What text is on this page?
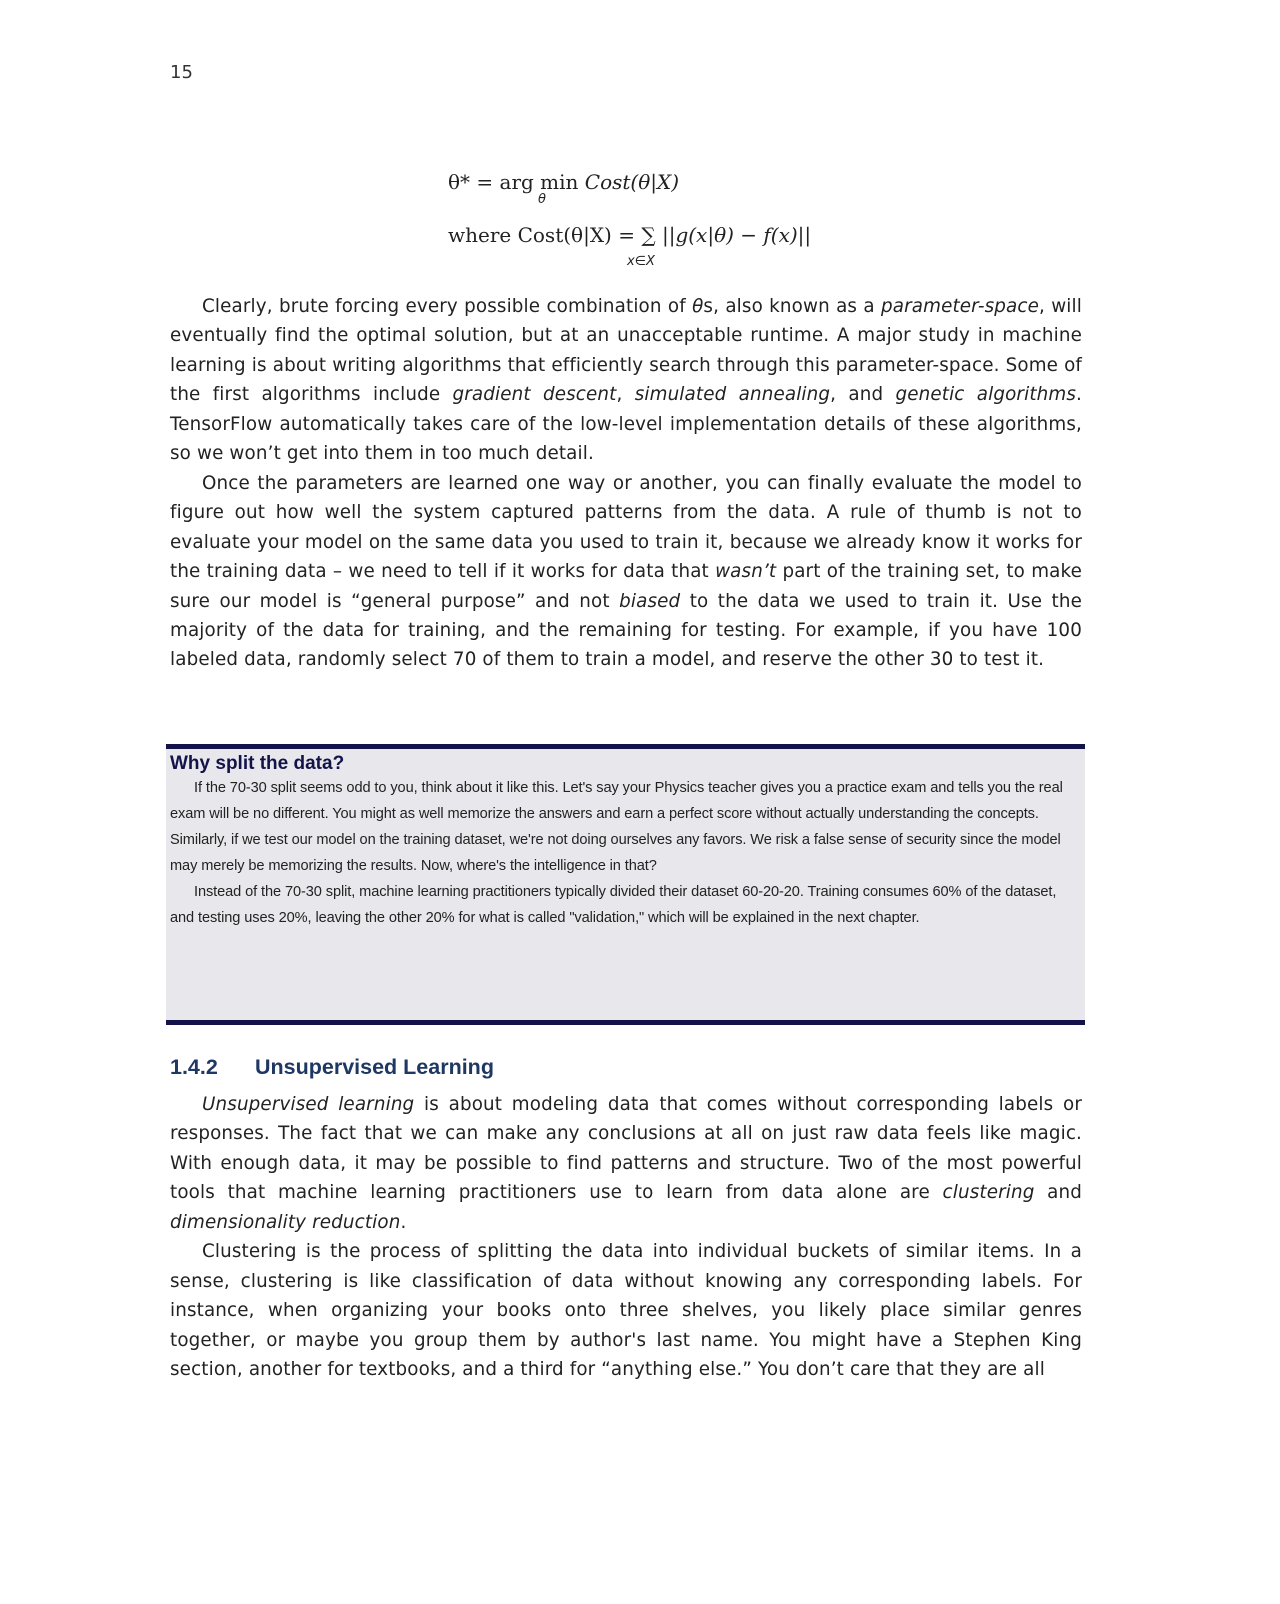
15
θ* = arg min Cost(θ|X)
θ
where Cost(θ|X) = ∑ ||g(x|θ) − f(x)||
x∈X

Clearly, brute forcing every possible combination of θs, also known as a parameter-space, will eventually find the optimal solution, but at an unacceptable runtime. A major study in machine learning is about writing algorithms that efficiently search through this parameter-space. Some of the first algorithms include gradient descent, simulated annealing, and genetic algorithms. TensorFlow automatically takes care of the low-level implementation details of these algorithms, so we won’t get into them in too much detail.

Once the parameters are learned one way or another, you can finally evaluate the model to figure out how well the system captured patterns from the data. A rule of thumb is not to evaluate your model on the same data you used to train it, because we already know it works for the training data – we need to tell if it works for data that wasn’t part of the training set, to make sure our model is “general purpose” and not biased to the data we used to train it. Use the majority of the data for training, and the remaining for testing. For example, if you have 100 labeled data, randomly select 70 of them to train a model, and reserve the other 30 to test it.

Why split the data?

If the 70-30 split seems odd to you, think about it like this. Let's say your Physics teacher gives you a practice exam and tells you the real exam will be no different. You might as well memorize the answers and earn a perfect score without actually understanding the concepts. Similarly, if we test our model on the training dataset, we're not doing ourselves any favors. We risk a false sense of security since the model may merely be memorizing the results. Now, where's the intelligence in that?

Instead of the 70-30 split, machine learning practitioners typically divided their dataset 60-20-20. Training consumes 60% of the dataset, and testing uses 20%, leaving the other 20% for what is called "validation," which will be explained in the next chapter.

1.4.2 Unsupervised Learning

Unsupervised learning is about modeling data that comes without corresponding labels or responses. The fact that we can make any conclusions at all on just raw data feels like magic. With enough data, it may be possible to find patterns and structure. Two of the most powerful tools that machine learning practitioners use to learn from data alone are clustering and dimensionality reduction.

Clustering is the process of splitting the data into individual buckets of similar items. In a sense, clustering is like classification of data without knowing any corresponding labels. For instance, when organizing your books onto three shelves, you likely place similar genres together, or maybe you group them by author's last name. You might have a Stephen King section, another for textbooks, and a third for “anything else.” You don’t care that they are all
